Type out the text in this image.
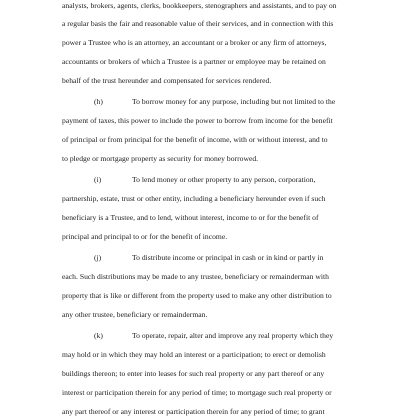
analysts, brokers, agents, clerks, bookkeepers, stenographers and assistants, and to pay on
a regular basis the fair and reasonable value of their services, and in connection with this
power a Trustee who is an attorney, an accountant or a broker or any firm of attorneys,
accountants or brokers of which a Trustee is a partner or employee may be retained on
behalf of the trust hereunder and compensated for services rendered.
(h)	To borrow money for any purpose, including but not limited to the
payment of taxes, this power to include the power to borrow from income for the benefit
of principal or from principal for the benefit of income, with or without interest, and to
to pledge or mortgage property as security for money borrowed.
(i)	To lend money or other property to any person, corporation,
partnership, estate, trust or other entity, including a beneficiary hereunder even if such
beneficiary is a Trustee, and to lend, without interest, income to or for the benefit of
principal and principal to or for the benefit of income.
(j)	To distribute income or principal in cash or in kind or partly in
each. Such distributions may be made to any trustee, beneficiary or remainderman with
property that is like or different from the property used to make any other distribution to
any other trustee, beneficiary or remainderman.
(k)	To operate, repair, alter and improve any real property which they
may hold or in which they may hold an interest or a participation; to erect or demolish
buildings thereon; to enter into leases for such real property or any part thereof or any
interest or participation therein for any period of time; to mortgage such real property or
any part thereof or any interest or participation therein for any period of time; to grant
